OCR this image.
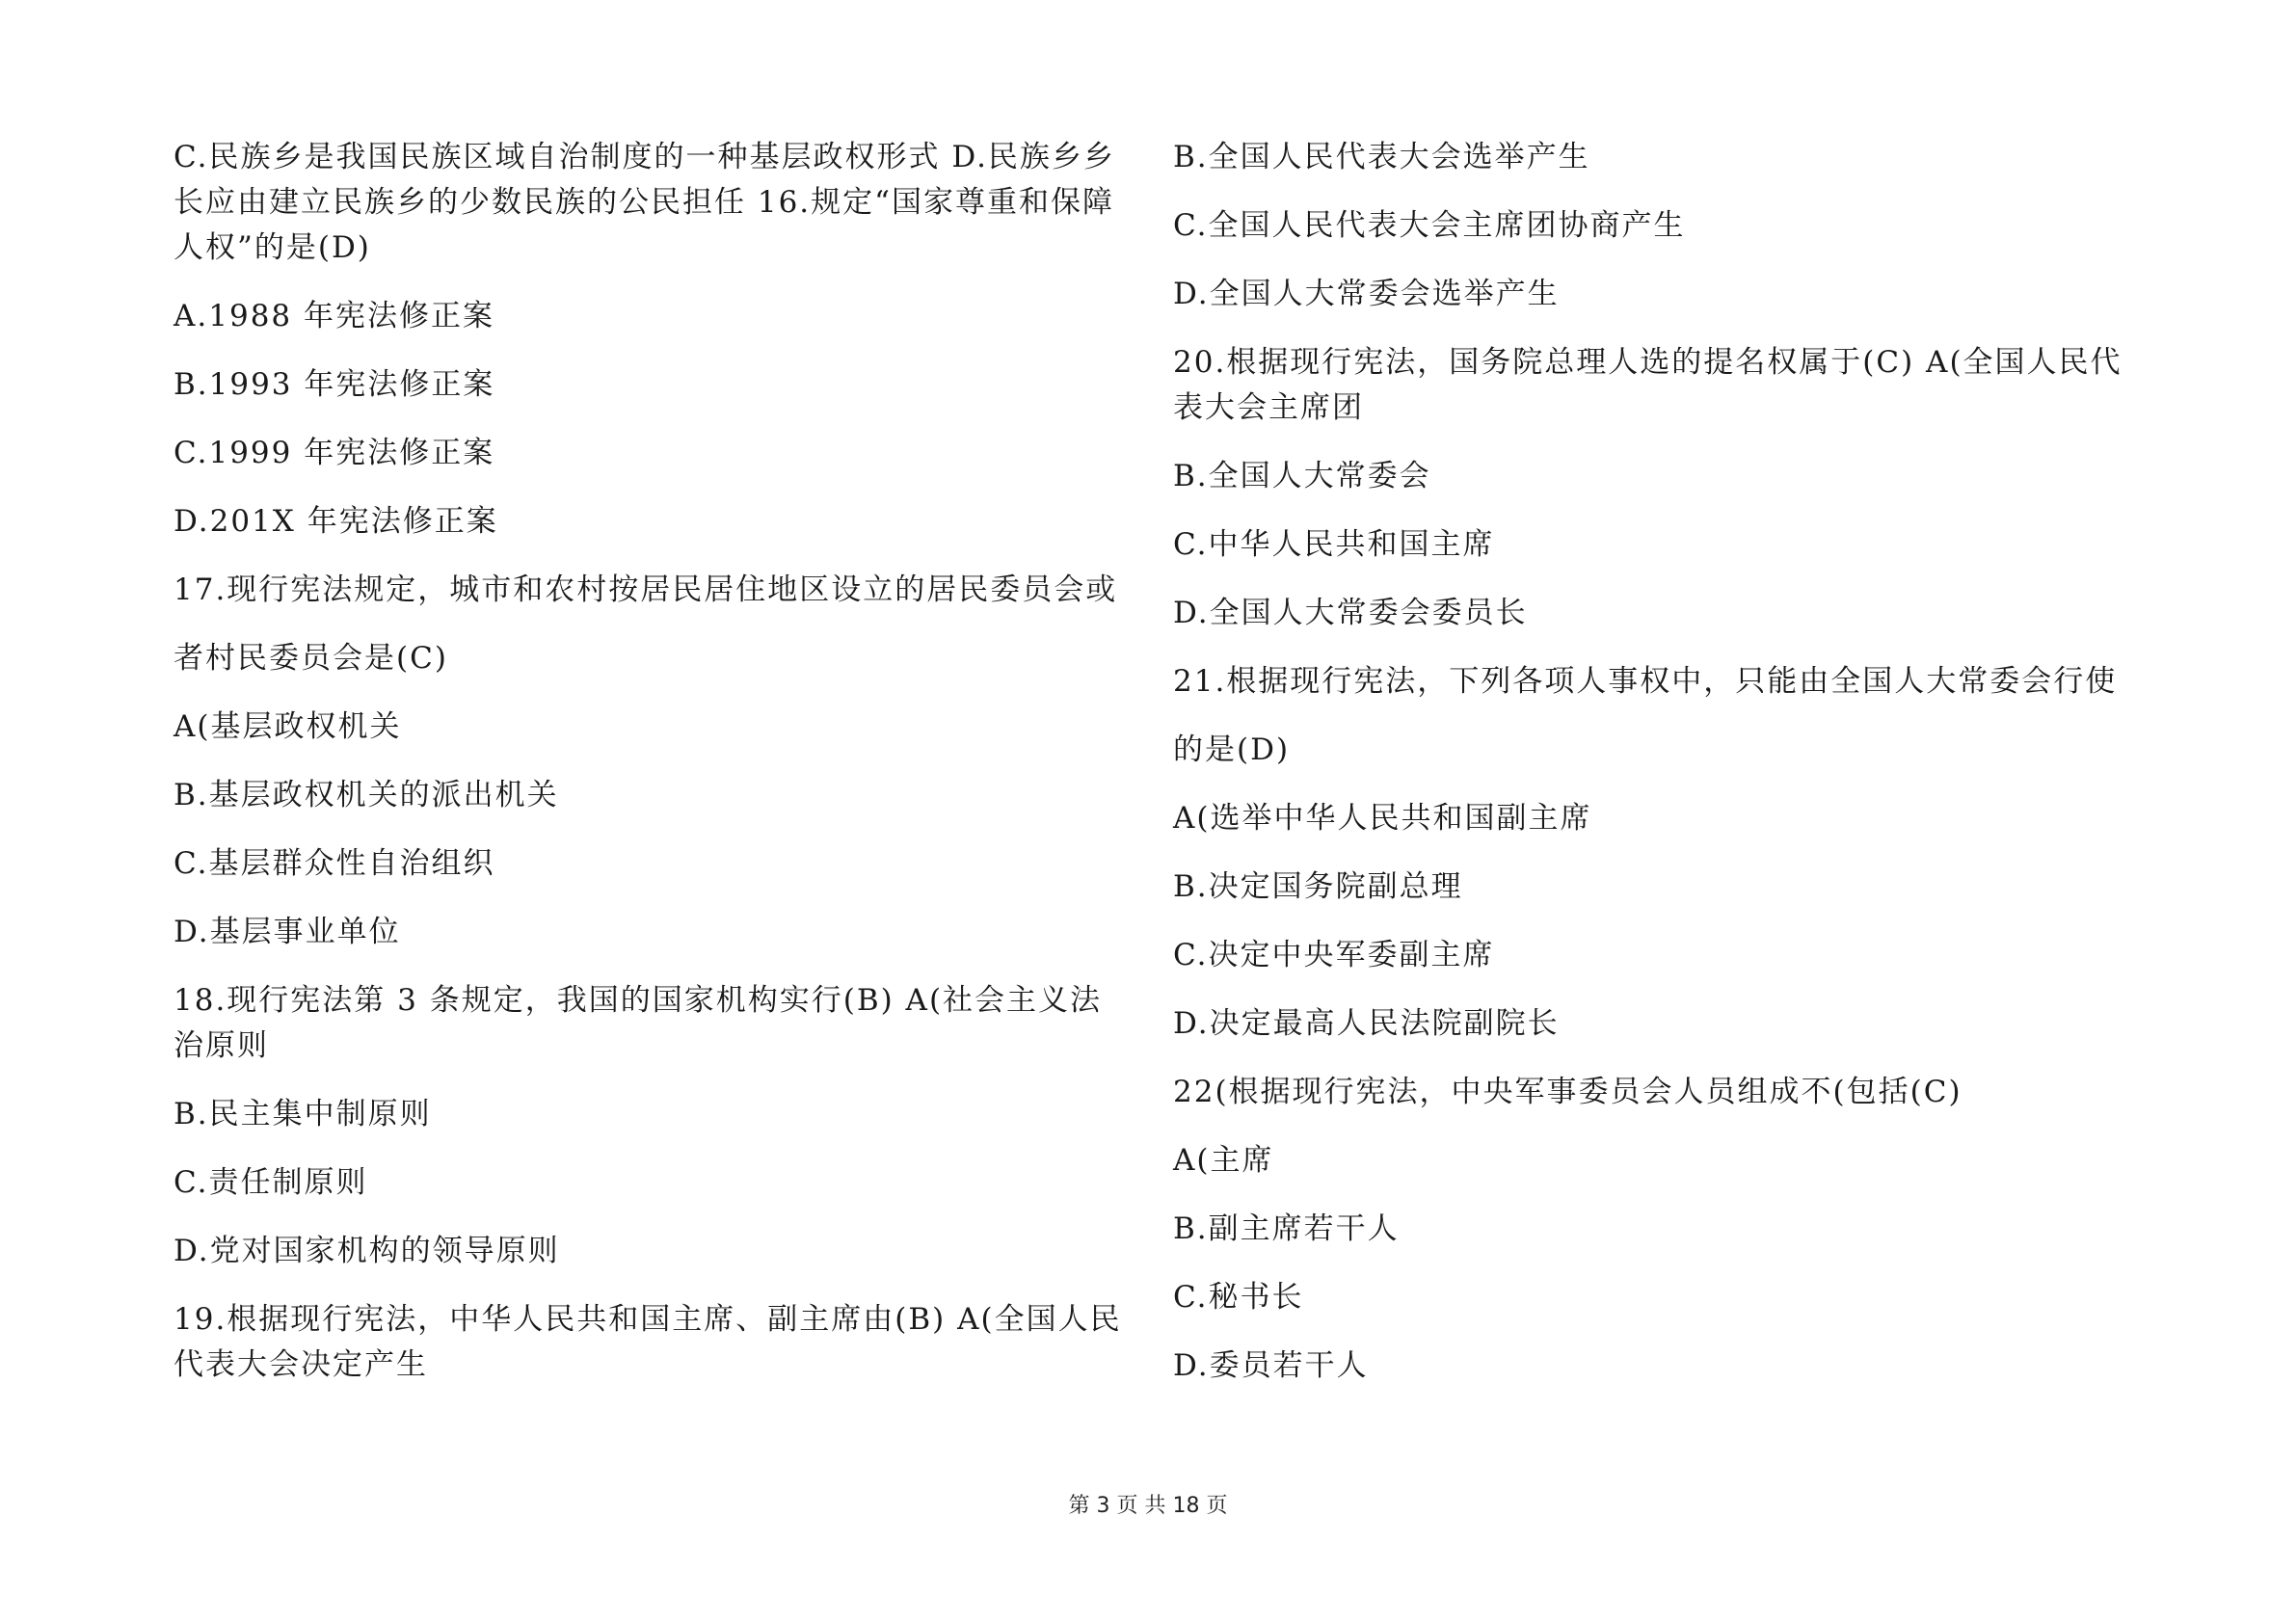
C.民族乡是我国民族区域自治制度的一种基层政权形式 D.民族乡乡长应由建立民族乡的少数民族的公民担任 16.规定“国家尊重和保障人权”的是(D)
A.1988 年宪法修正案
B.1993 年宪法修正案
C.1999 年宪法修正案
D.201X 年宪法修正案
17.现行宪法规定，城市和农村按居民居住地区设立的居民委员会或
者村民委员会是(C)
A(基层政权机关
B.基层政权机关的派出机关
C.基层群众性自治组织
D.基层事业单位
18.现行宪法第 3 条规定，我国的国家机构实行(B) A(社会主义法治原则
B.民主集中制原则
C.责任制原则
D.党对国家机构的领导原则
19.根据现行宪法，中华人民共和国主席、副主席由(B) A(全国人民代表大会决定产生
B.全国人民代表大会选举产生
C.全国人民代表大会主席团协商产生
D.全国人大常委会选举产生
20.根据现行宪法，国务院总理人选的提名权属于(C) A(全国人民代表大会主席团
B.全国人大常委会
C.中华人民共和国主席
D.全国人大常委会委员长
21.根据现行宪法，下列各项人事权中，只能由全国人大常委会行使
的是(D)
A(选举中华人民共和国副主席
B.决定国务院副总理
C.决定中央军委副主席
D.决定最高人民法院副院长
22(根据现行宪法，中央军事委员会人员组成不(包括(C)
A(主席
B.副主席若干人
C.秘书长
D.委员若干人
第 3 页 共 18 页
